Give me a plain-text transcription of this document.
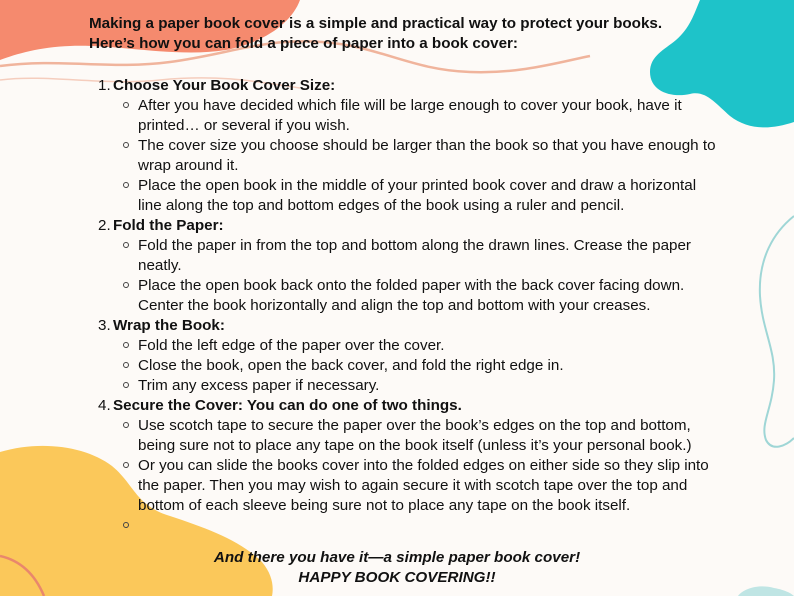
Making a paper book cover is a simple and practical way to protect your books. Here’s how you can fold a piece of paper into a book cover:
1. Choose Your Book Cover Size:
After you have decided which file will be large enough to cover your book, have it printed… or several if you wish.
The cover size you choose should be larger than the book so that you have enough to wrap around it.
Place the open book in the middle of your printed book cover and draw a horizontal line along the top and bottom edges of the book using a ruler and pencil.
2. Fold the Paper:
Fold the paper in from the top and bottom along the drawn lines. Crease the paper neatly.
Place the open book back onto the folded paper with the back cover facing down. Center the book horizontally and align the top and bottom with your creases.
3. Wrap the Book:
Fold the left edge of the paper over the cover.
Close the book, open the back cover, and fold the right edge in.
Trim any excess paper if necessary.
4. Secure the Cover: You can do one of two things.
Use scotch tape to secure the paper over the book’s edges on the top and bottom, being sure not to place any tape on the book itself (unless it’s your personal book.)
Or you can slide the books cover into the folded edges on either side so they slip into the paper. Then you may wish to again secure it with scotch tape over the top and bottom of each sleeve being sure not to place any tape on the book itself.
And there you have it—a simple paper book cover!
HAPPY BOOK COVERING!!
